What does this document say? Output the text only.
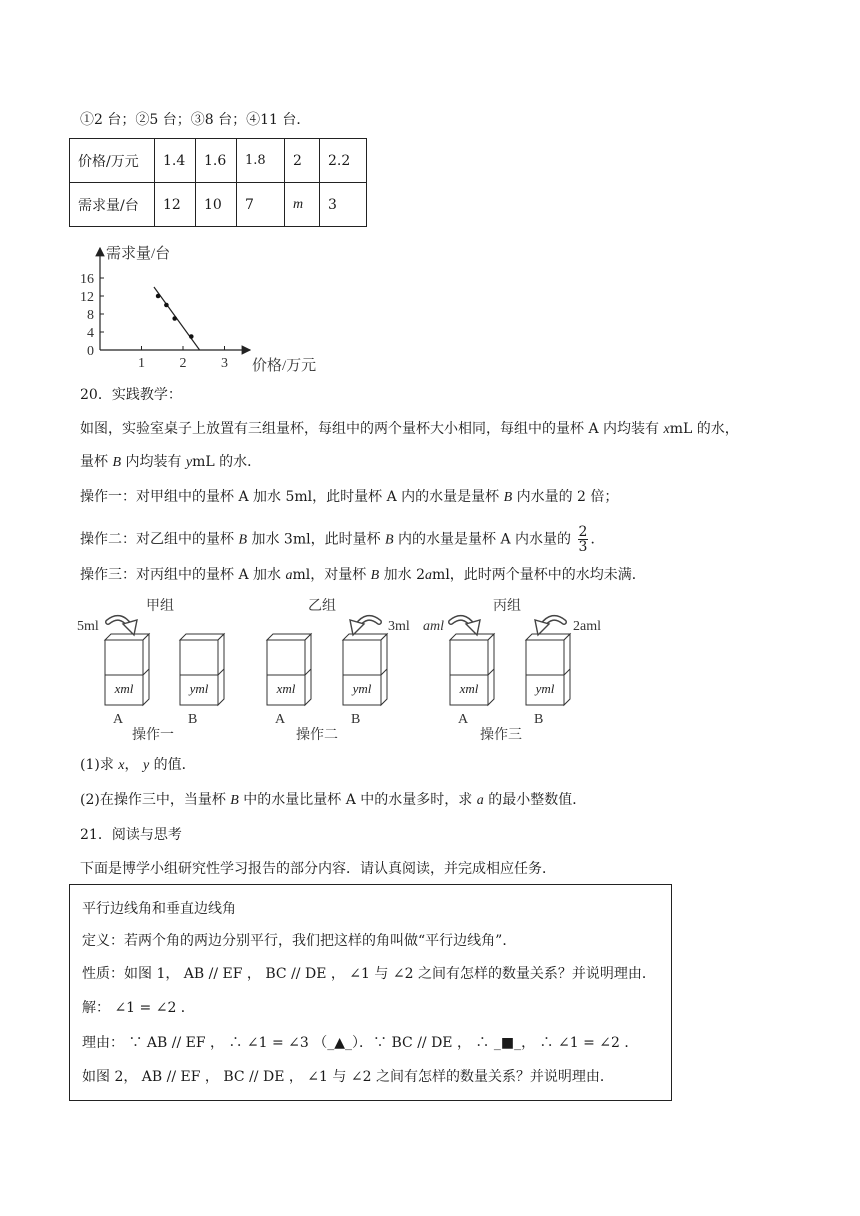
①2 台；②5 台；③8 台；④11 台．
价格/万元	1.4	1.6	1.8	2	2.2
需求量/台	12	10	7	m	3
需求量/台
价格/万元
0
4
8
12
16
1 2 3
20．实践教学：
如图，实验室桌子上放置有三组量杯，每组中的两个量杯大小相同，每组中的量杯 A 内均装有 xmL 的水，
量杯 B 内均装有 ymL 的水．
操作一：对甲组中的量杯 A 加水 5ml，此时量杯 A 内的水量是量杯 B 内水量的 2 倍；
操作二：对乙组中的量杯 B 加水 3ml，此时量杯 B 内的水量是量杯 A 内水量的 $\frac{2}{3}$ ．
操作三：对丙组中的量杯 A 加水 aml，对量杯 B 加水 2aml，此时两个量杯中的水均未满．
甲组	乙组	丙组
5ml	3ml aml	2aml
xml	yml	xml	yml	xml	yml
A	B	A	B	A	B
操作一	操作二	操作三
(1)求 x， y 的值．
(2)在操作三中，当量杯 B 中的水量比量杯 A 中的水量多时，求 a 的最小整数值．
21．阅读与思考
下面是博学小组研究性学习报告的部分内容．请认真阅读，并完成相应任务．
平行边线角和垂直边线角
定义：若两个角的两边分别平行，我们把这样的角叫做“平行边线角”．
性质：如图 1， AB // EF ， BC // DE ， ∠1 与 ∠2 之间有怎样的数量关系？并说明理由．
解： ∠1 = ∠2 ．
理由： ∵ AB // EF ， ∴ ∠1 = ∠3 （_▲_）．∵ BC // DE ， ∴ _■_， ∴ ∠1 = ∠2 ．
如图 2， AB // EF ， BC // DE ， ∠1 与 ∠2 之间有怎样的数量关系？并说明理由．
